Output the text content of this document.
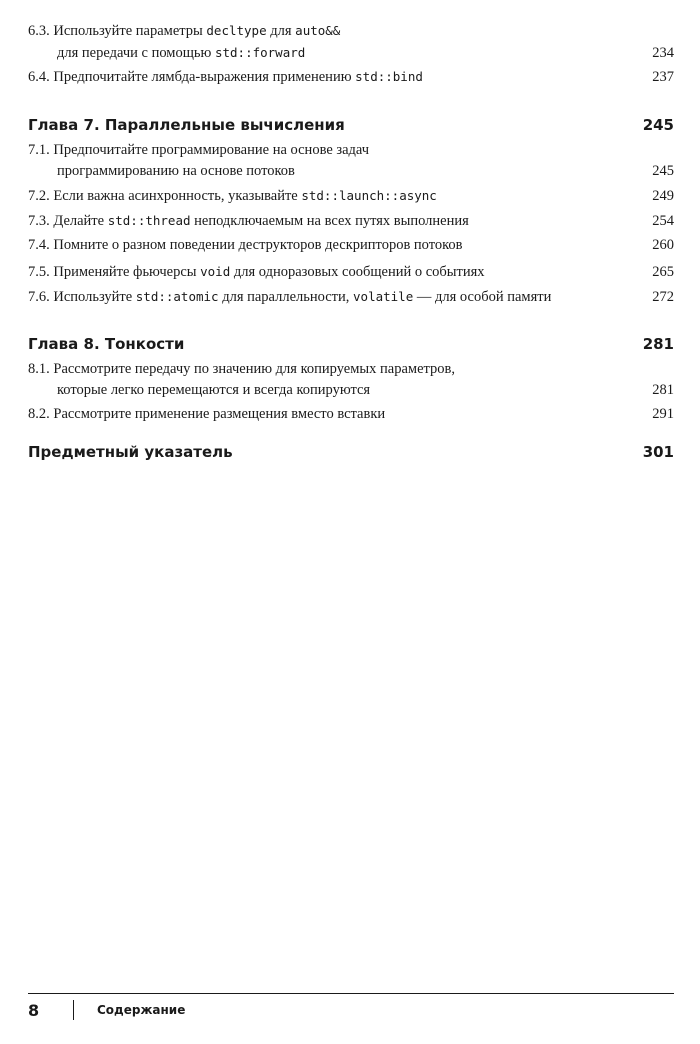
6.3. Используйте параметры decltype для auto&&
для передачи с помощью std::forward	234
6.4. Предпочитайте лямбда-выражения применению std::bind	237
Глава 7. Параллельные вычисления	245
7.1. Предпочитайте программирование на основе задач
программированию на основе потоков	245
7.2. Если важна асинхронность, указывайте std::launch::async	249
7.3. Делайте std::thread неподключаемым на всех путях выполнения	254
7.4. Помните о разном поведении деструкторов дескрипторов потоков	260
7.5. Применяйте фьючерсы void для одноразовых сообщений о событиях	265
7.6. Используйте std::atomic для параллельности, volatile — для особой памяти	272
Глава 8. Тонкости	281
8.1. Рассмотрите передачу по значению для копируемых параметров,
которые легко перемещаются и всегда копируются	281
8.2. Рассмотрите применение размещения вместо вставки	291
Предметный указатель	301
8	Содержание
